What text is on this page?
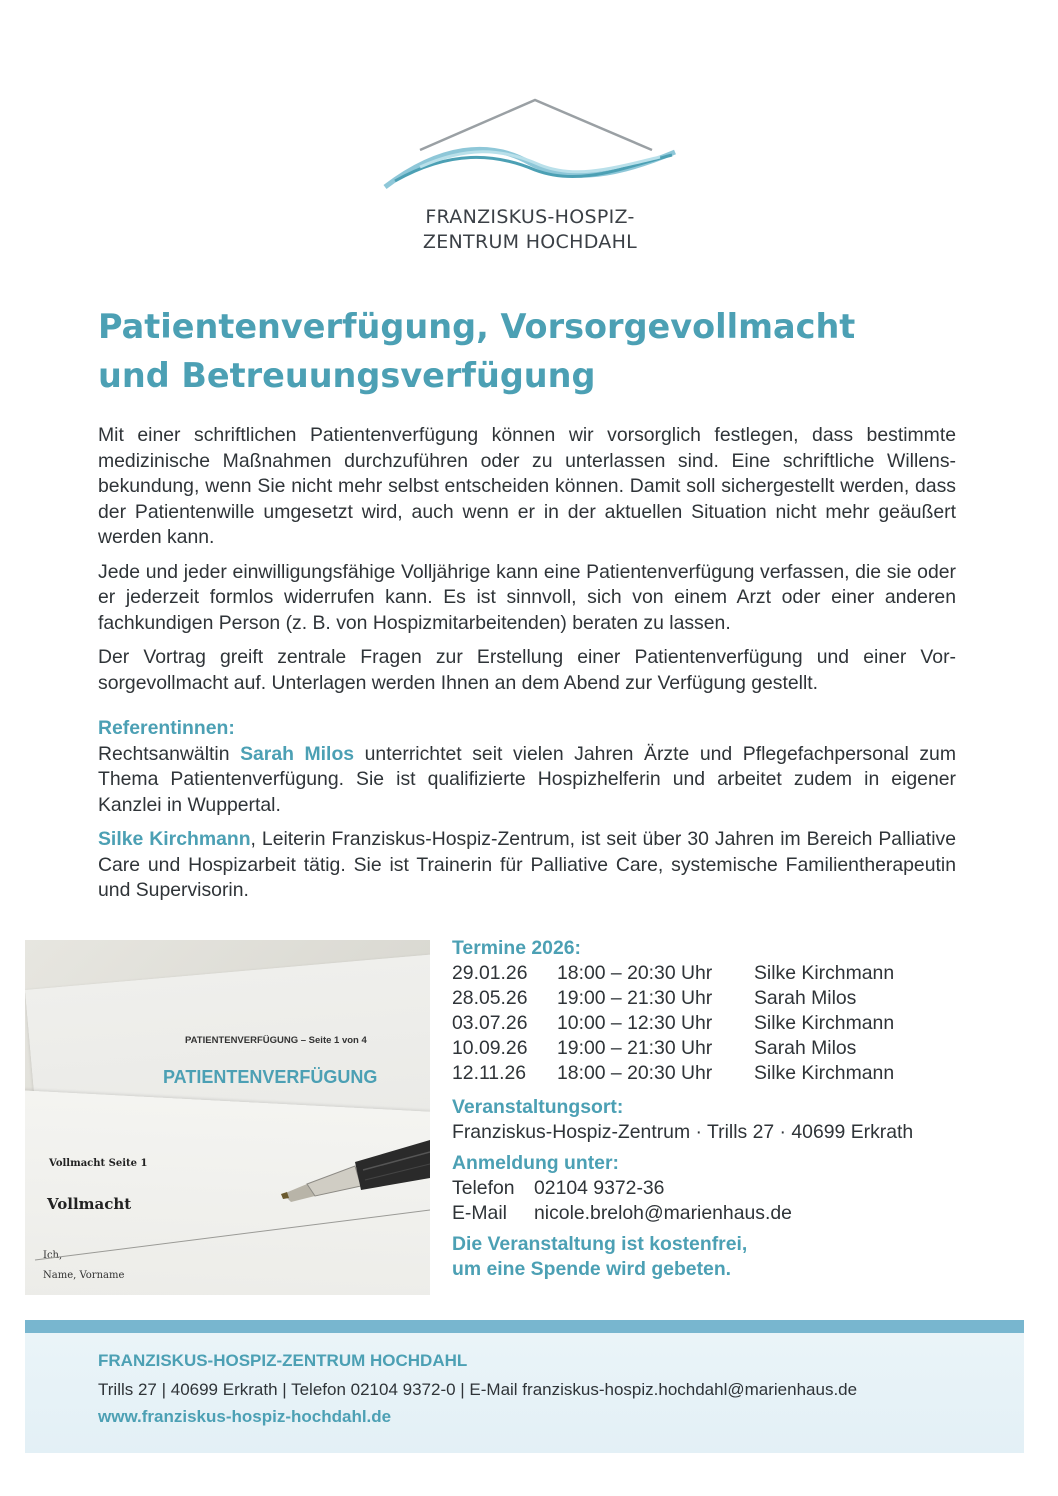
FRANZISKUS-HOSPIZ-
ZENTRUM HOCHDAHL
Patientenverfügung, Vorsorgevollmacht
und Betreuungsverfügung

Mit einer schriftlichen Patientenverfügung können wir vorsorglich festlegen, dass bestimmte medizinische Maßnahmen durchzuführen oder zu unterlassen sind. Eine schriftliche Willensbekundung, wenn Sie nicht mehr selbst entscheiden können. Damit soll sichergestellt werden, dass der Patientenwille umgesetzt wird, auch wenn er in der aktuellen Situation nicht mehr geäußert werden kann.

Jede und jeder einwilligungsfähige Volljährige kann eine Patientenverfügung verfassen, die sie oder er jederzeit formlos widerrufen kann. Es ist sinnvoll, sich von einem Arzt oder einer anderen fachkundigen Person (z. B. von Hospizmitarbeitenden) beraten zu lassen.

Der Vortrag greift zentrale Fragen zur Erstellung einer Patientenverfügung und einer Vorsorgevollmacht auf. Unterlagen werden Ihnen an dem Abend zur Verfügung gestellt.

Referentinnen:

Rechtsanwältin Sarah Milos unterrichtet seit vielen Jahren Ärzte und Pflegefachpersonal zum Thema Patientenverfügung. Sie ist qualifizierte Hospizhelferin und arbeitet zudem in eigener Kanzlei in Wuppertal.

Silke Kirchmann, Leiterin Franziskus-Hospiz-Zentrum, ist seit über 30 Jahren im Bereich Palliative Care und Hospizarbeit tätig. Sie ist Trainerin für Palliative Care, systemische Familientherapeutin und Supervisorin.

PATIENTENVERFÜGUNG – Seite 1 von 4
PATIENTENVERFÜGUNG
Vollmacht Seite 1
Vollmacht
Ich,
Name, Vorname
Termine 2026:
29.01.26	18:00 – 20:30 Uhr	Silke Kirchmann
28.05.26	19:00 – 21:30 Uhr	Sarah Milos
03.07.26	10:00 – 12:30 Uhr	Silke Kirchmann
10.09.26	19:00 – 21:30 Uhr	Sarah Milos
12.11.26	18:00 – 20:30 Uhr	Silke Kirchmann
Veranstaltungsort:
Franziskus-Hospiz-Zentrum · Trills 27 · 40699 Erkrath
Anmeldung unter:
Telefon	02104 9372-36
E-Mail	nicole.breloh@marienhaus.de
Die Veranstaltung ist kostenfrei,
um eine Spende wird gebeten.
FRANZISKUS-HOSPIZ-ZENTRUM HOCHDAHL
Trills 27 | 40699 Erkrath | Telefon 02104 9372-0 | E-Mail franziskus-hospiz.hochdahl@marienhaus.de
www.franziskus-hospiz-hochdahl.de
